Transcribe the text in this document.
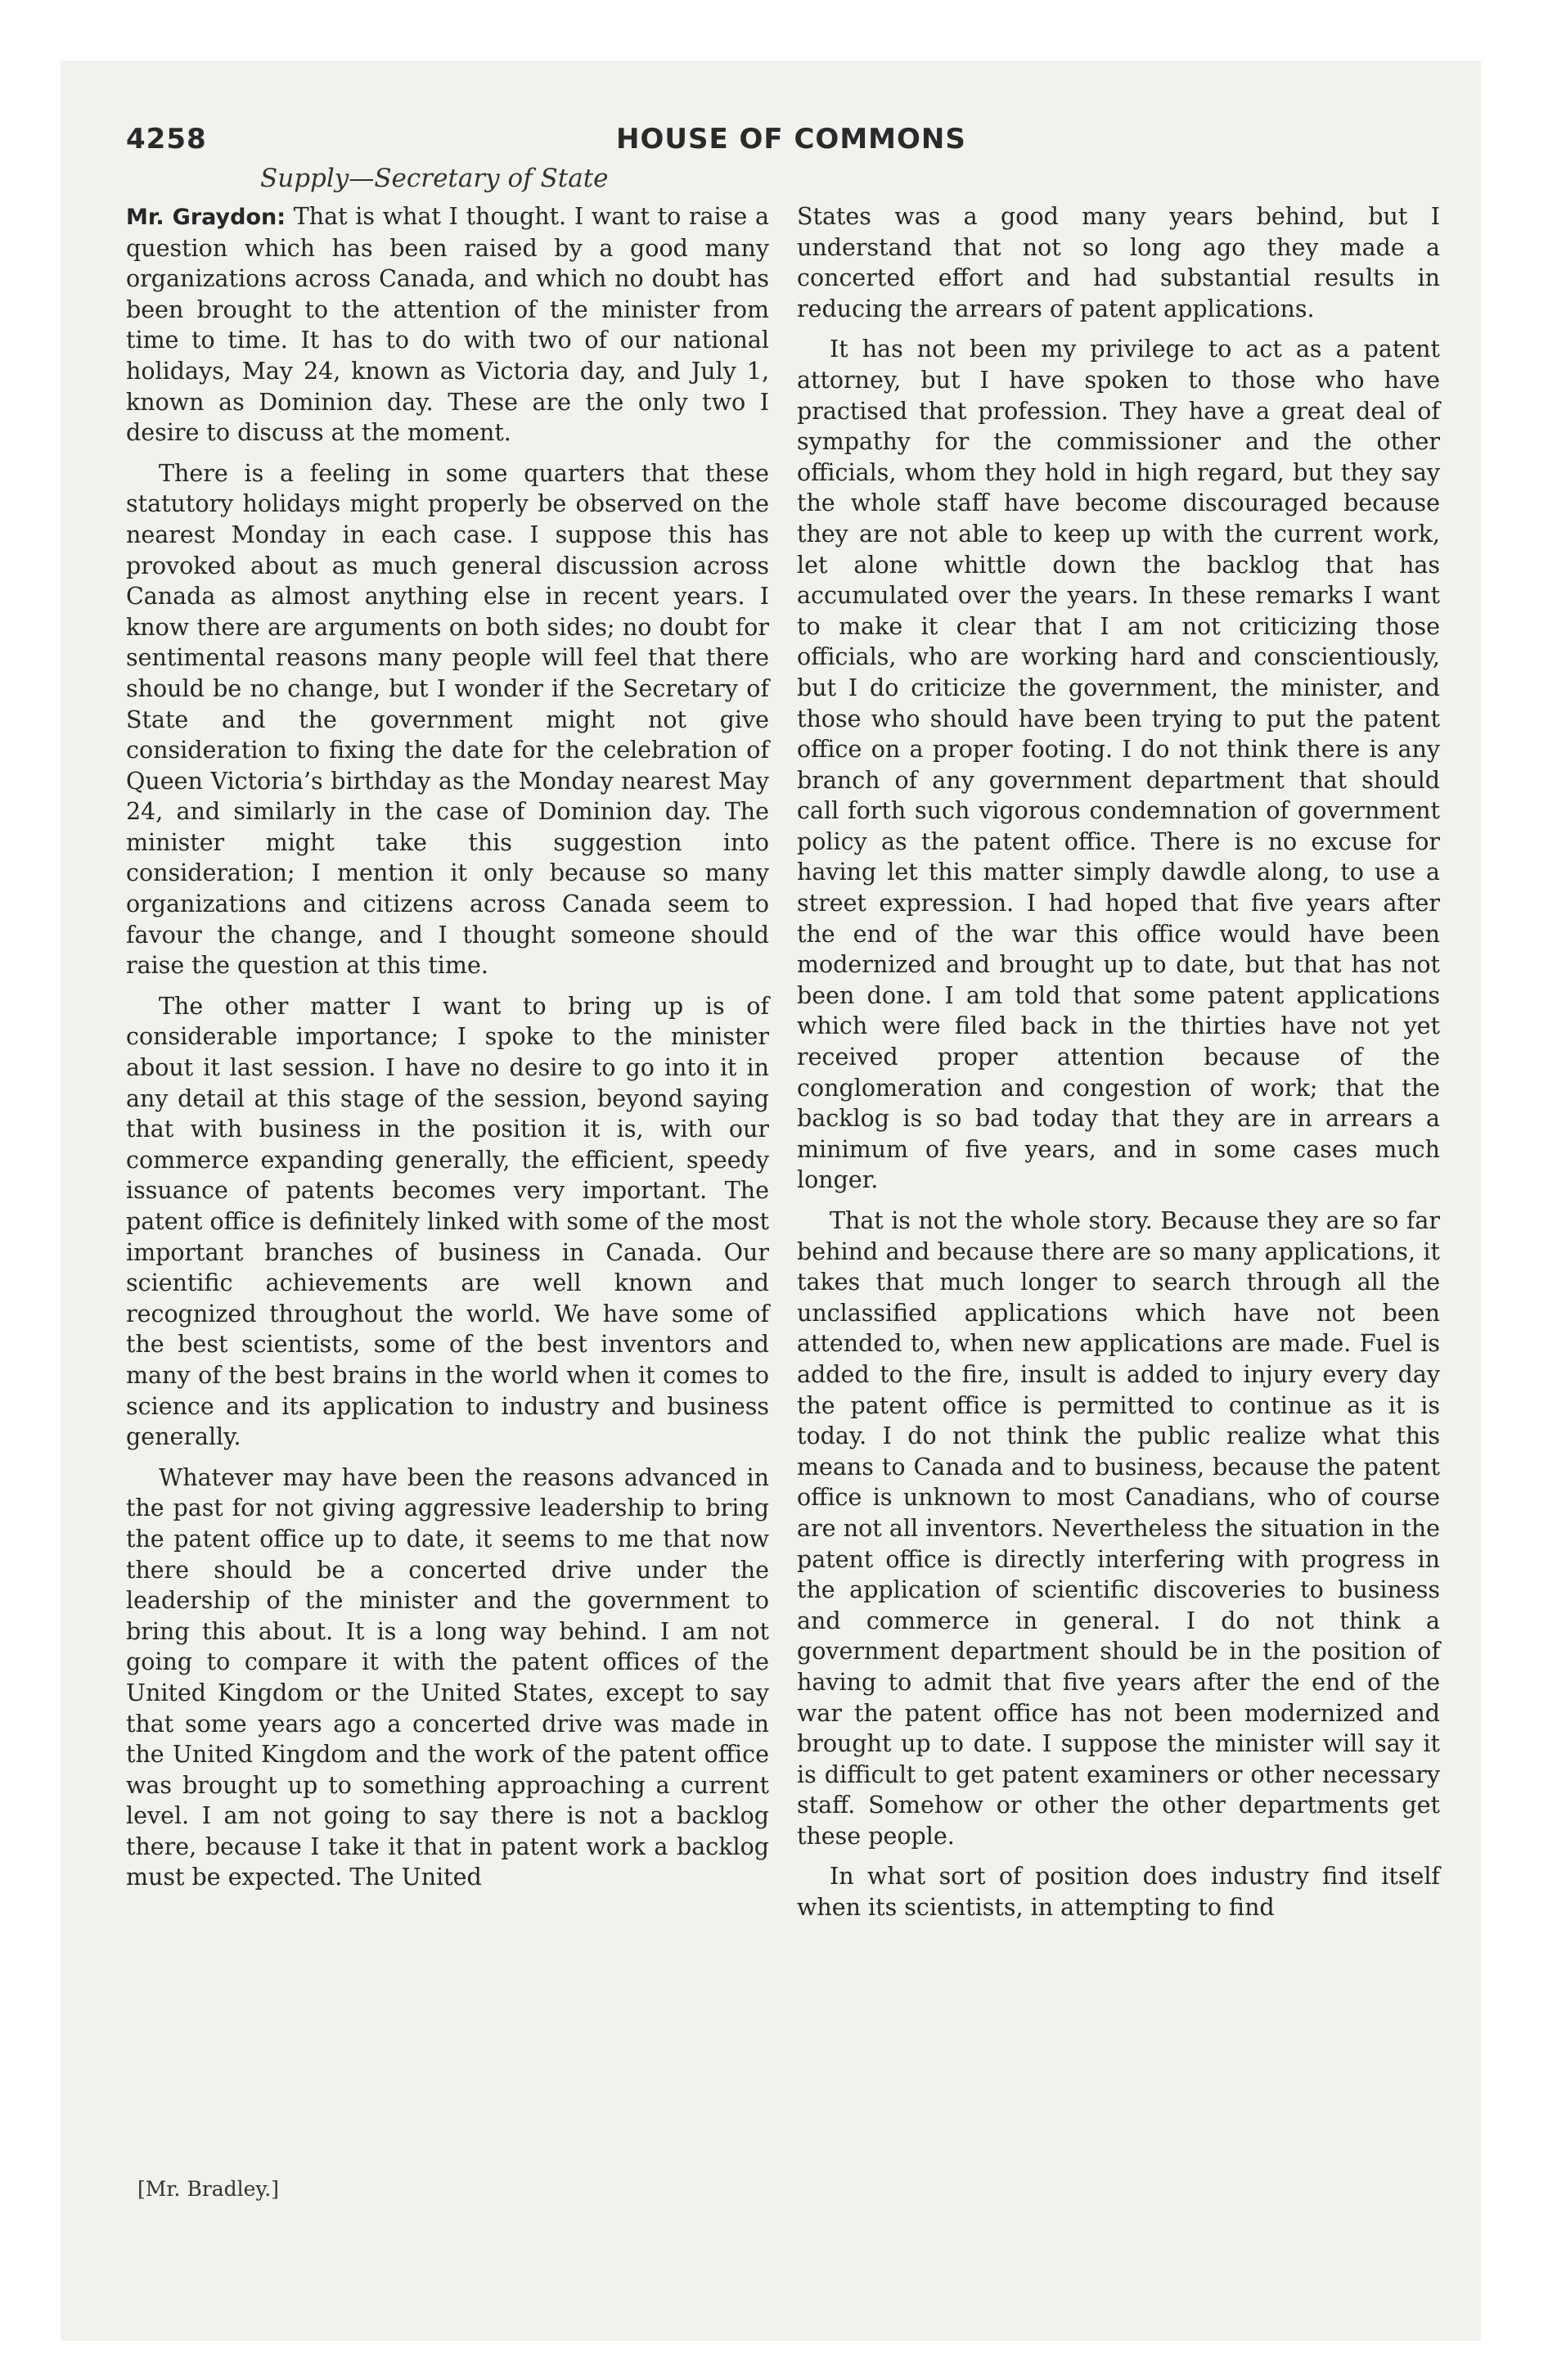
4258	HOUSE OF COMMONS
Supply—Secretary of State

Mr. Graydon: That is what I thought. I want to raise a question which has been raised by a good many organizations across Canada, and which no doubt has been brought to the attention of the minister from time to time. It has to do with two of our national holidays, May 24, known as Victoria day, and July 1, known as Dominion day. These are the only two I desire to discuss at the moment.

There is a feeling in some quarters that these statutory holidays might properly be observed on the nearest Monday in each case. I suppose this has provoked about as much general discussion across Canada as almost anything else in recent years. I know there are arguments on both sides; no doubt for sentimental reasons many people will feel that there should be no change, but I wonder if the Secretary of State and the government might not give consideration to fixing the date for the celebration of Queen Victoria’s birthday as the Monday nearest May 24, and similarly in the case of Dominion day. The minister might take this suggestion into consideration; I mention it only because so many organizations and citizens across Canada seem to favour the change, and I thought someone should raise the question at this time.

The other matter I want to bring up is of considerable importance; I spoke to the minister about it last session. I have no desire to go into it in any detail at this stage of the session, beyond saying that with business in the position it is, with our commerce expanding generally, the efficient, speedy issuance of patents becomes very important. The patent office is definitely linked with some of the most important branches of business in Canada. Our scientific achievements are well known and recognized throughout the world. We have some of the best scientists, some of the best inventors and many of the best brains in the world when it comes to science and its application to industry and business generally.

Whatever may have been the reasons advanced in the past for not giving aggressive leadership to bring the patent office up to date, it seems to me that now there should be a concerted drive under the leadership of the minister and the government to bring this about. It is a long way behind. I am not going to compare it with the patent offices of the United Kingdom or the United States, except to say that some years ago a concerted drive was made in the United Kingdom and the work of the patent office was brought up to something approaching a current level. I am not going to say there is not a backlog there, because I take it that in patent work a backlog must be expected. The United

States was a good many years behind, but I understand that not so long ago they made a concerted effort and had substantial results in reducing the arrears of patent applications.

It has not been my privilege to act as a patent attorney, but I have spoken to those who have practised that profession. They have a great deal of sympathy for the commissioner and the other officials, whom they hold in high regard, but they say the whole staff have become discouraged because they are not able to keep up with the current work, let alone whittle down the backlog that has accumulated over the years. In these remarks I want to make it clear that I am not criticizing those officials, who are working hard and conscientiously, but I do criticize the government, the minister, and those who should have been trying to put the patent office on a proper footing. I do not think there is any branch of any government department that should call forth such vigorous condemnation of government policy as the patent office. There is no excuse for having let this matter simply dawdle along, to use a street expression. I had hoped that five years after the end of the war this office would have been modernized and brought up to date, but that has not been done. I am told that some patent applications which were filed back in the thirties have not yet received proper attention because of the conglomeration and congestion of work; that the backlog is so bad today that they are in arrears a minimum of five years, and in some cases much longer.

That is not the whole story. Because they are so far behind and because there are so many applications, it takes that much longer to search through all the unclassified applications which have not been attended to, when new applications are made. Fuel is added to the fire, insult is added to injury every day the patent office is permitted to continue as it is today. I do not think the public realize what this means to Canada and to business, because the patent office is unknown to most Canadians, who of course are not all inventors. Nevertheless the situation in the patent office is directly interfering with progress in the application of scientific discoveries to business and commerce in general. I do not think a government department should be in the position of having to admit that five years after the end of the war the patent office has not been modernized and brought up to date. I suppose the minister will say it is difficult to get patent examiners or other necessary staff. Somehow or other the other departments get these people.

In what sort of position does industry find itself when its scientists, in attempting to find

[Mr. Bradley.]
